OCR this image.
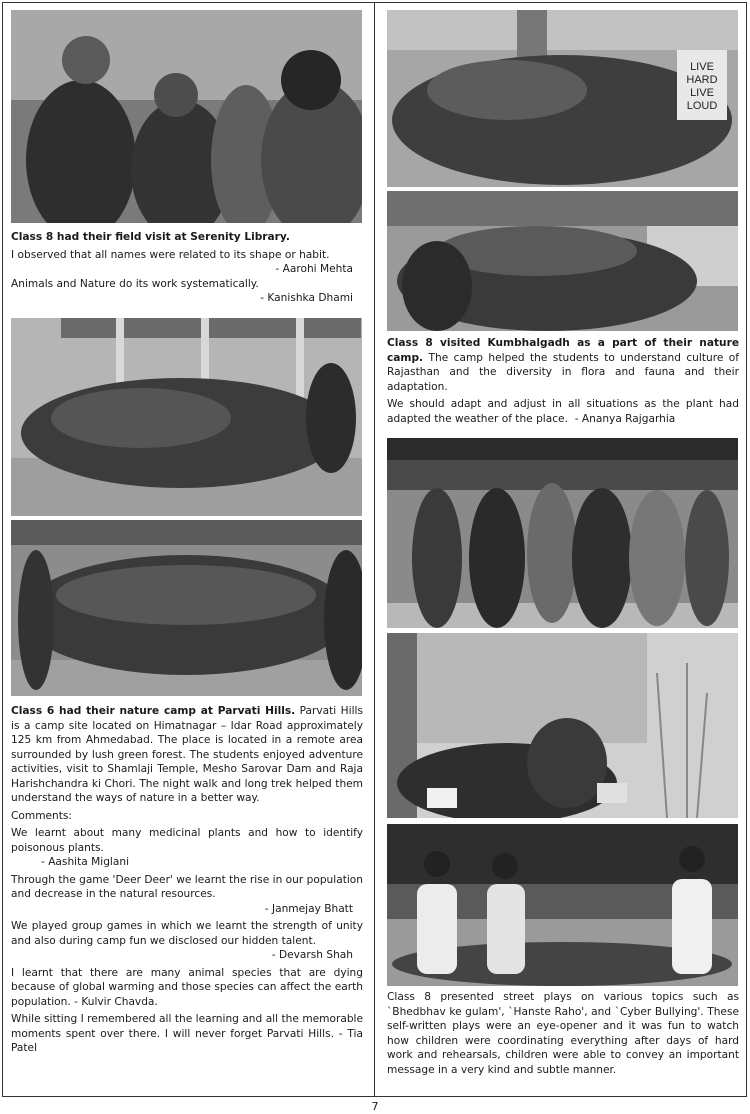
Class 8 had their field visit at Serenity Library.

I observed that all names were related to its shape or habit.
- Aarohi Mehta
Animals and Nature do its work systematically.
- Kanishka Dhami

Class 6 had their nature camp at Parvati Hills. Parvati Hills is a camp site located on Himatnagar – Idar Road approximately 125 km from Ahmedabad. The place is located in a remote area surrounded by lush green forest. The students enjoyed adventure activities, visit to Shamlaji Temple, Mesho Sarovar Dam and Raja Harishchandra ki Chori. The night walk and long trek helped them understand the ways of nature in a better way.

Comments:

We learnt about many medicinal plants and how to identify poisonous plants.
- Aashita Miglani
Through the game 'Deer Deer' we learnt the rise in our population and decrease in the natural resources.
- Janmejay Bhatt
We played group games in which we learnt the strength of unity and also during camp fun we disclosed our hidden talent.
- Devarsh Shah
I learnt that there are many animal species that are dying because of global warming and those species can affect the earth population. - Kulvir Chavda.
While sitting I remembered all the learning and all the memorable moments spent over there. I will never forget Parvati Hills. - Tia Patel
LIVE
HARD
LIVE
LOUD

Class 8 visited Kumbhalgadh as a part of their nature camp. The camp helped the students to understand culture of Rajasthan and the diversity in flora and fauna and their adaptation.

We should adapt and adjust in all situations as the plant had adapted the weather of the place. - Ananya Rajgarhia

Class 8 presented street plays on various topics such as `Bhedbhav ke gulam', `Hanste Raho', and `Cyber Bullying'. These self-written plays were an eye-opener and it was fun to watch how children were coordinating everything after days of hard work and rehearsals, children were able to convey an important message in a very kind and subtle manner.

7
